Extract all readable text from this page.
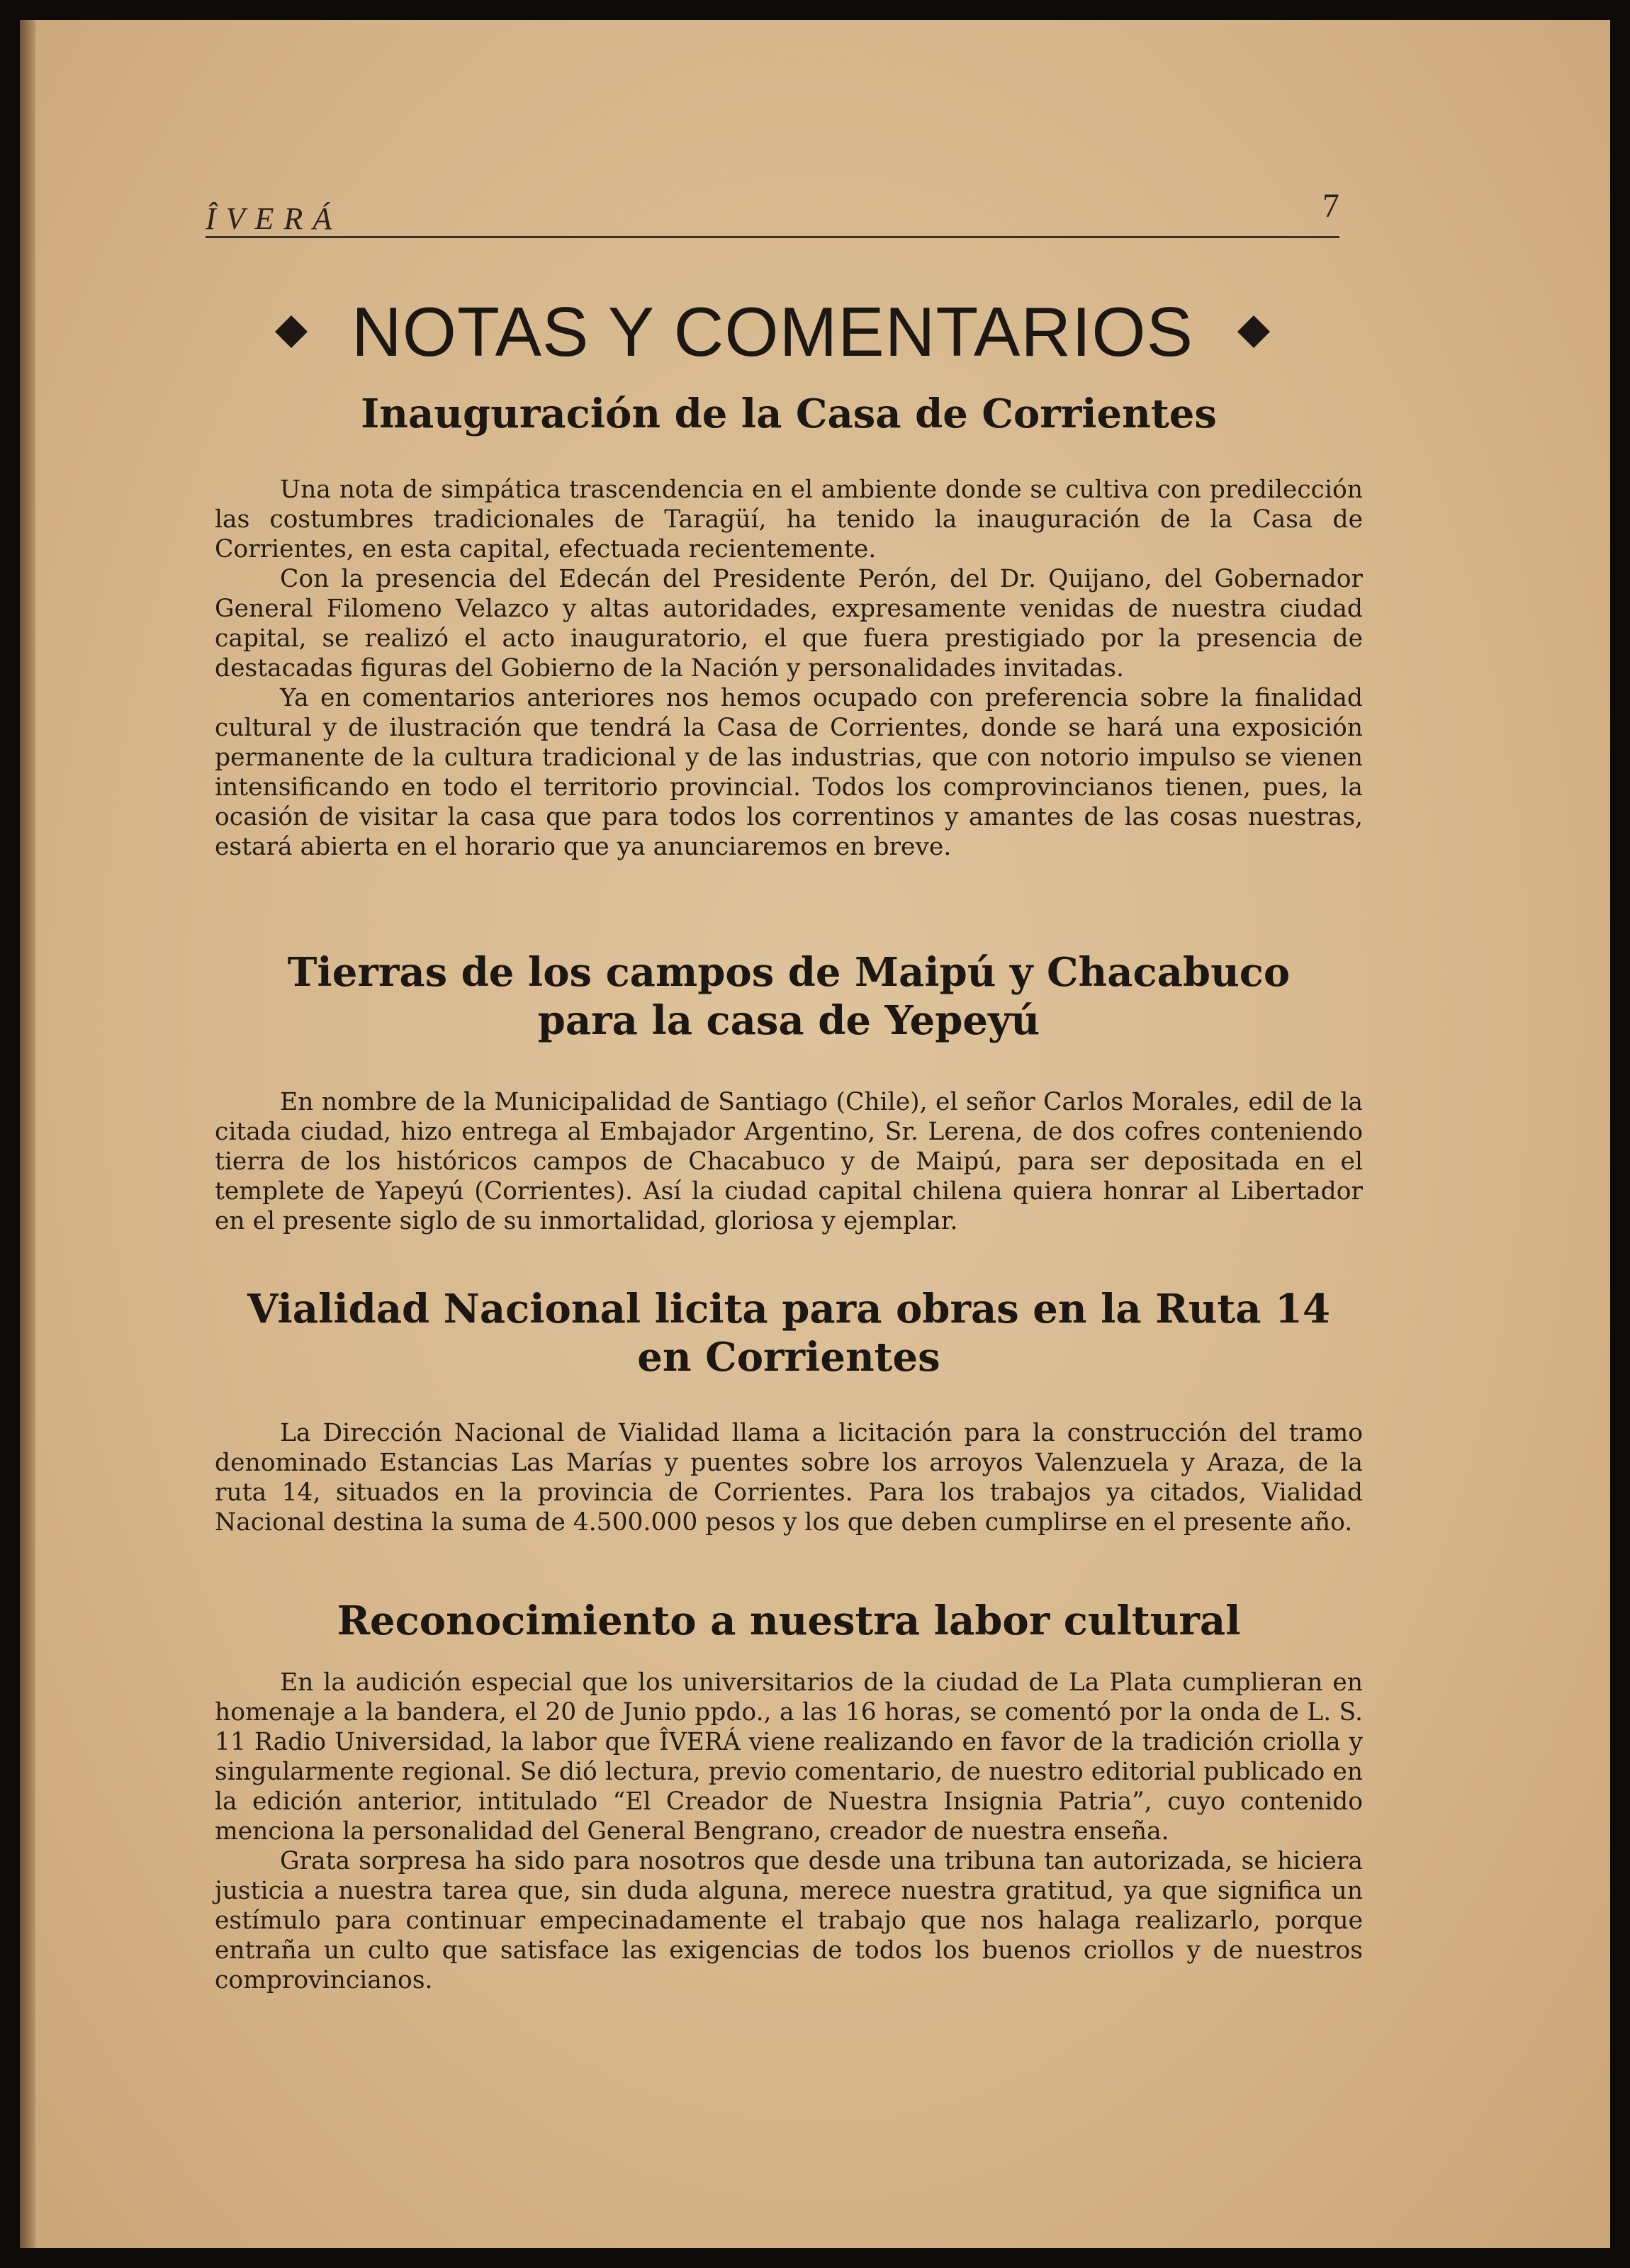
ÎVERÁ	7
NOTAS Y COMENTARIOS
Inauguración de la Casa de Corrientes

Una nota de simpática trascendencia en el ambiente donde se cultiva con predilección las costumbres tradicionales de Taragüí, ha tenido la inauguración de la Casa de Corrientes, en esta capital, efectuada recientemente.

Con la presencia del Edecán del Presidente Perón, del Dr. Quijano, del Gobernador General Filomeno Velazco y altas autoridades, expresamente venidas de nuestra ciudad capital, se realizó el acto inauguratorio, el que fuera prestigiado por la presencia de destacadas figuras del Gobierno de la Nación y personalidades invitadas.

Ya en comentarios anteriores nos hemos ocupado con preferencia sobre la finalidad cultural y de ilustración que tendrá la Casa de Corrientes, donde se hará una exposición permanente de la cultura tradicional y de las industrias, que con notorio impulso se vienen intensificando en todo el territorio provincial. Todos los comprovincianos tienen, pues, la ocasión de visitar la casa que para todos los correntinos y amantes de las cosas nuestras, estará abierta en el horario que ya anunciaremos en breve.

Tierras de los campos de Maipú y Chacabuco
para la casa de Yepeyú

En nombre de la Municipalidad de Santiago (Chile), el señor Carlos Morales, edil de la citada ciudad, hizo entrega al Embajador Argentino, Sr. Lerena, de dos cofres conteniendo tierra de los históricos campos de Chacabuco y de Maipú, para ser depositada en el templete de Yapeyú (Corrientes). Así la ciudad capital chilena quiera honrar al Libertador en el presente siglo de su inmortalidad, gloriosa y ejemplar.

Vialidad Nacional licita para obras en la Ruta 14
en Corrientes

La Dirección Nacional de Vialidad llama a licitación para la construcción del tramo denominado Estancias Las Marías y puentes sobre los arroyos Valenzuela y Araza, de la ruta 14, situados en la provincia de Corrientes. Para los trabajos ya citados, Vialidad Nacional destina la suma de 4.500.000 pesos y los que deben cumplirse en el presente año.

Reconocimiento a nuestra labor cultural

En la audición especial que los universitarios de la ciudad de La Plata cumplieran en homenaje a la bandera, el 20 de Junio ppdo., a las 16 horas, se comentó por la onda de L. S. 11 Radio Universidad, la labor que ÎVERÁ viene realizando en favor de la tradición criolla y singularmente regional. Se dió lectura, previo comentario, de nuestro editorial publicado en la edición anterior, intitulado “El Creador de Nuestra Insignia Patria”, cuyo contenido menciona la personalidad del General Bengrano, creador de nuestra enseña.

Grata sorpresa ha sido para nosotros que desde una tribuna tan autorizada, se hiciera justicia a nuestra tarea que, sin duda alguna, merece nuestra gratitud, ya que significa un estímulo para continuar empecinadamente el trabajo que nos halaga realizarlo, porque entraña un culto que satisface las exigencias de todos los buenos criollos y de nuestros comprovincianos.
